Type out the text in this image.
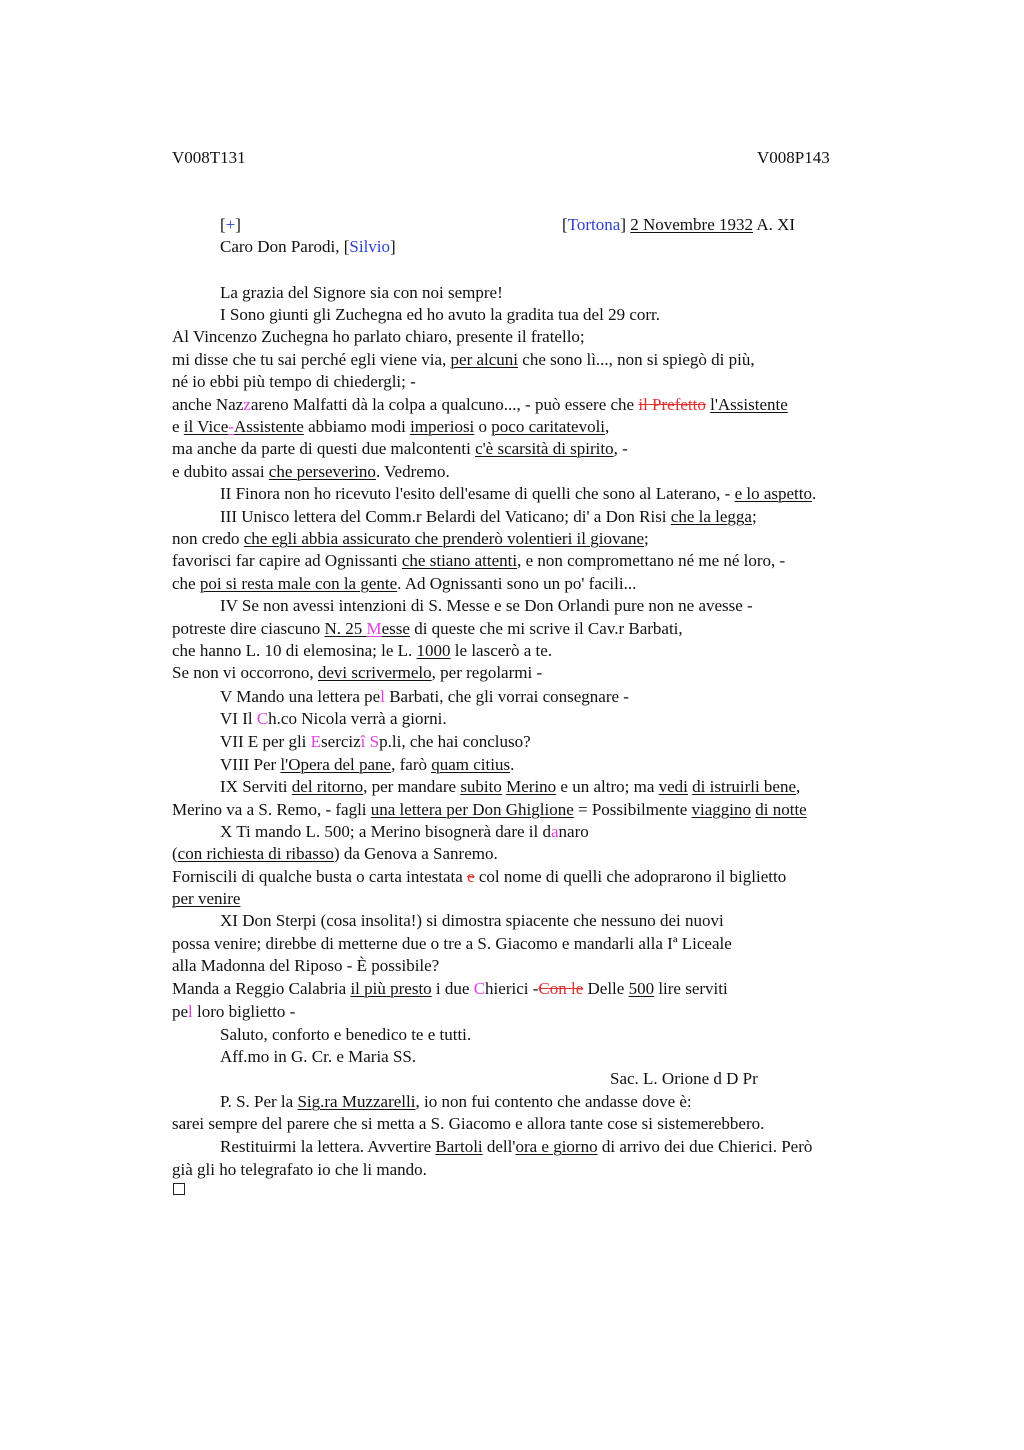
V008T131	V008P143
[+]	[Tortona] 2 Novembre 1932 A. XI
Caro Don Parodi, [Silvio]
La grazia del Signore sia con noi sempre!
I Sono giunti gli Zuchegna ed ho avuto la gradita tua del 29 corr.
Al Vincenzo Zuchegna ho parlato chiaro, presente il fratello;
mi disse che tu sai perché egli viene via, per alcuni che sono lì..., non si spiegò di più,
né io ebbi più tempo di chiedergli; -
anche Nazzareno Malfatti dà la colpa a qualcuno..., - può essere che il Prefetto l'Assistente
e il Vice-Assistente abbiamo modi imperiosi o poco caritatevoli,
ma anche da parte di questi due malcontenti c'è scarsità di spirito, -
e dubito assai che perseverino. Vedremo.
II Finora non ho ricevuto l'esito dell'esame di quelli che sono al Laterano, - e lo aspetto.
III Unisco lettera del Comm.r Belardi del Vaticano; di' a Don Risi che la legga;
non credo che egli abbia assicurato che prenderò volentieri il giovane;
favorisci far capire ad Ognissanti che stiano attenti, e non compromettano né me né loro, -
che poi si resta male con la gente. Ad Ognissanti sono un po' facili...
IV Se non avessi intenzioni di S. Messe e se Don Orlandi pure non ne avesse -
potreste dire ciascuno N. 25 Messe di queste che mi scrive il Cav.r Barbati,
che hanno L. 10 di elemosina; le L. 1000 le lascerò a te.
Se non vi occorrono, devi scrivermelo, per regolarmi -
V Mando una lettera pel Barbati, che gli vorrai consegnare -
VI Il Ch.co Nicola verrà a giorni.
VII E per gli Esercizî Sp.li, che hai concluso?
VIII Per l'Opera del pane, farò quam citius.
IX Serviti del ritorno, per mandare subito Merino e un altro; ma vedi di istruirli bene,
Merino va a S. Remo, - fagli una lettera per Don Ghiglione = Possibilmente viaggino di notte
X Ti mando L. 500; a Merino bisognerà dare il danaro
(con richiesta di ribasso) da Genova a Sanremo.
Forniscili di qualche busta o carta intestata e col nome di quelli che adoprarono il biglietto
per venire
XI Don Sterpi (cosa insolita!) si dimostra spiacente che nessuno dei nuovi
possa venire; direbbe di metterne due o tre a S. Giacomo e mandarli alla Iª Liceale
alla Madonna del Riposo - È possibile?
Manda a Reggio Calabria il più presto i due Chierici -Con le Delle 500 lire serviti
pel loro biglietto -
Saluto, conforto e benedico te e tutti.
Aff.mo in G. Cr. e Maria SS.
Sac. L. Orione d D Pr
P. S. Per la Sig.ra Muzzarelli, io non fui contento che andasse dove è:
sarei sempre del parere che si metta a S. Giacomo e allora tante cose si sistemerebbero.
Restituirmi la lettera. Avvertire Bartoli dell'ora e giorno di arrivo dei due Chierici. Però
già gli ho telegrafato io che li mando.
